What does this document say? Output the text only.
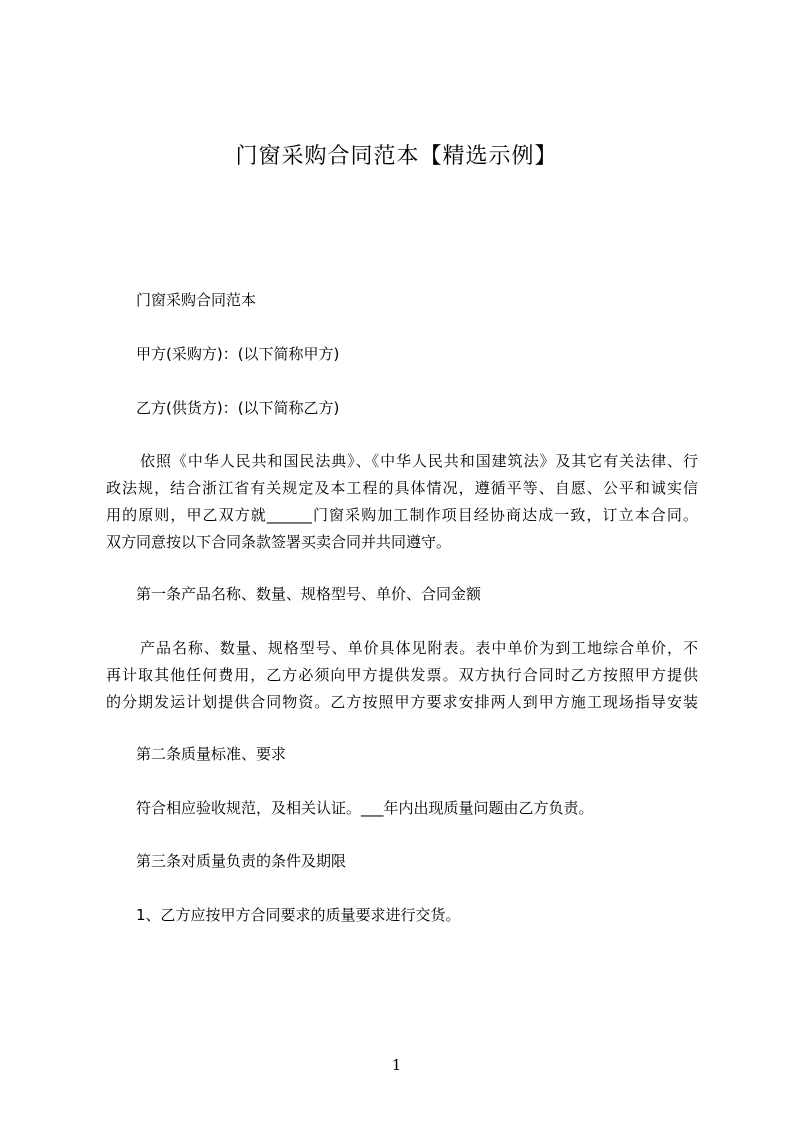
门窗采购合同范本【精选示例】
门窗采购合同范本
甲方(采购方)：(以下简称甲方)
乙方(供货方)：(以下简称乙方)
依照《中华人民共和国民法典》、《中华人民共和国建筑法》及其它有关法律、行
政法规，结合浙江省有关规定及本工程的具体情况，遵循平等、自愿、公平和诚实信
用的原则，甲乙双方就______门窗采购加工制作项目经协商达成一致，订立本合同。
双方同意按以下合同条款签署买卖合同并共同遵守。
第一条产品名称、数量、规格型号、单价、合同金额
产品名称、数量、规格型号、单价具体见附表。表中单价为到工地综合单价，不
再计取其他任何费用，乙方必须向甲方提供发票。双方执行合同时乙方按照甲方提供
的分期发运计划提供合同物资。乙方按照甲方要求安排两人到甲方施工现场指导安装
第二条质量标准、要求
符合相应验收规范，及相关认证。___年内出现质量问题由乙方负责。
第三条对质量负责的条件及期限
1、乙方应按甲方合同要求的质量要求进行交货。
1
